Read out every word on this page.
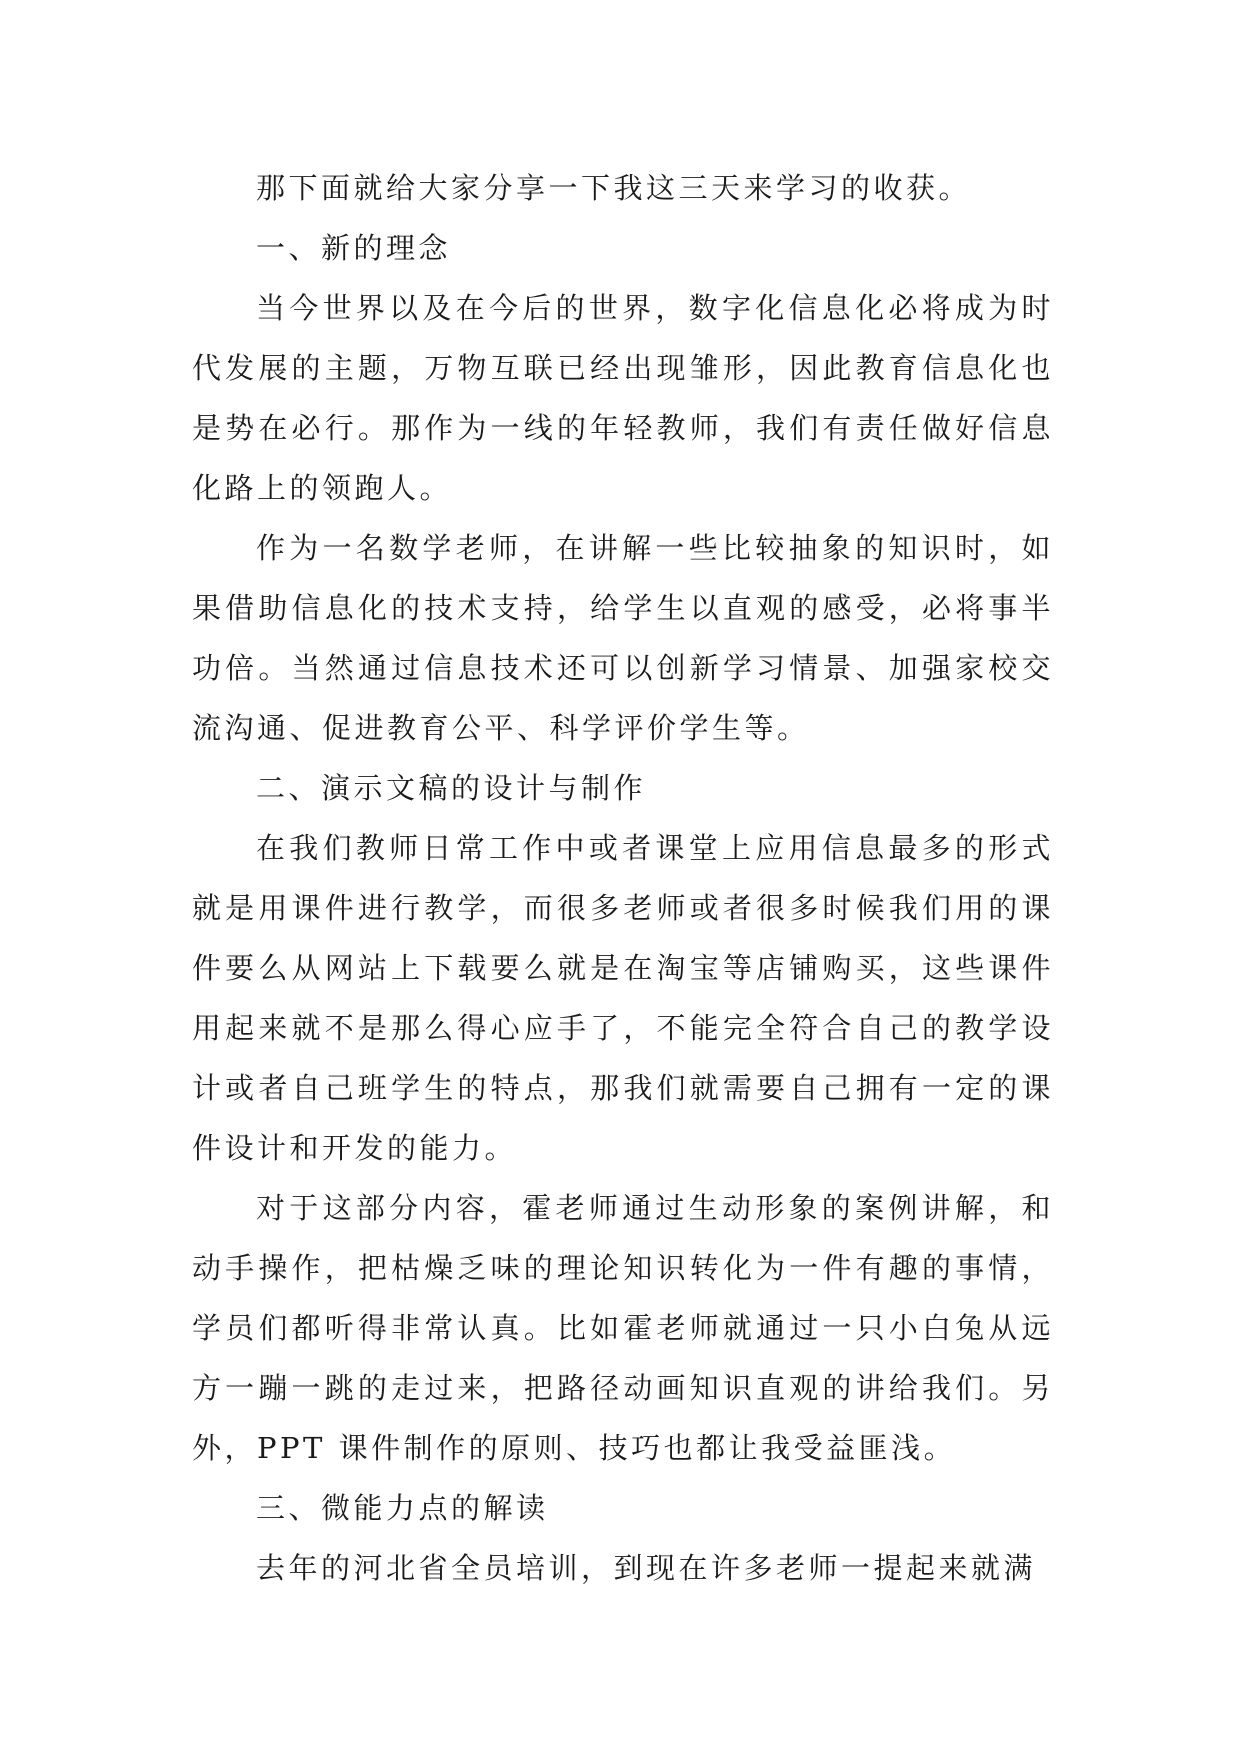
那下面就给大家分享一下我这三天来学习的收获。

一、新的理念

当今世界以及在今后的世界，数字化信息化必将成为时代发展的主题，万物互联已经出现雏形，因此教育信息化也是势在必行。那作为一线的年轻教师，我们有责任做好信息化路上的领跑人。

作为一名数学老师，在讲解一些比较抽象的知识时，如果借助信息化的技术支持，给学生以直观的感受，必将事半功倍。当然通过信息技术还可以创新学习情景、加强家校交流沟通、促进教育公平、科学评价学生等。

二、演示文稿的设计与制作

在我们教师日常工作中或者课堂上应用信息最多的形式就是用课件进行教学，而很多老师或者很多时候我们用的课件要么从网站上下载要么就是在淘宝等店铺购买，这些课件用起来就不是那么得心应手了，不能完全符合自己的教学设计或者自己班学生的特点，那我们就需要自己拥有一定的课件设计和开发的能力。

对于这部分内容，霍老师通过生动形象的案例讲解，和动手操作，把枯燥乏味的理论知识转化为一件有趣的事情，学员们都听得非常认真。比如霍老师就通过一只小白兔从远方一蹦一跳的走过来，把路径动画知识直观的讲给我们。另外，PPT 课件制作的原则、技巧也都让我受益匪浅。

三、微能力点的解读

去年的河北省全员培训，到现在许多老师一提起来就满
